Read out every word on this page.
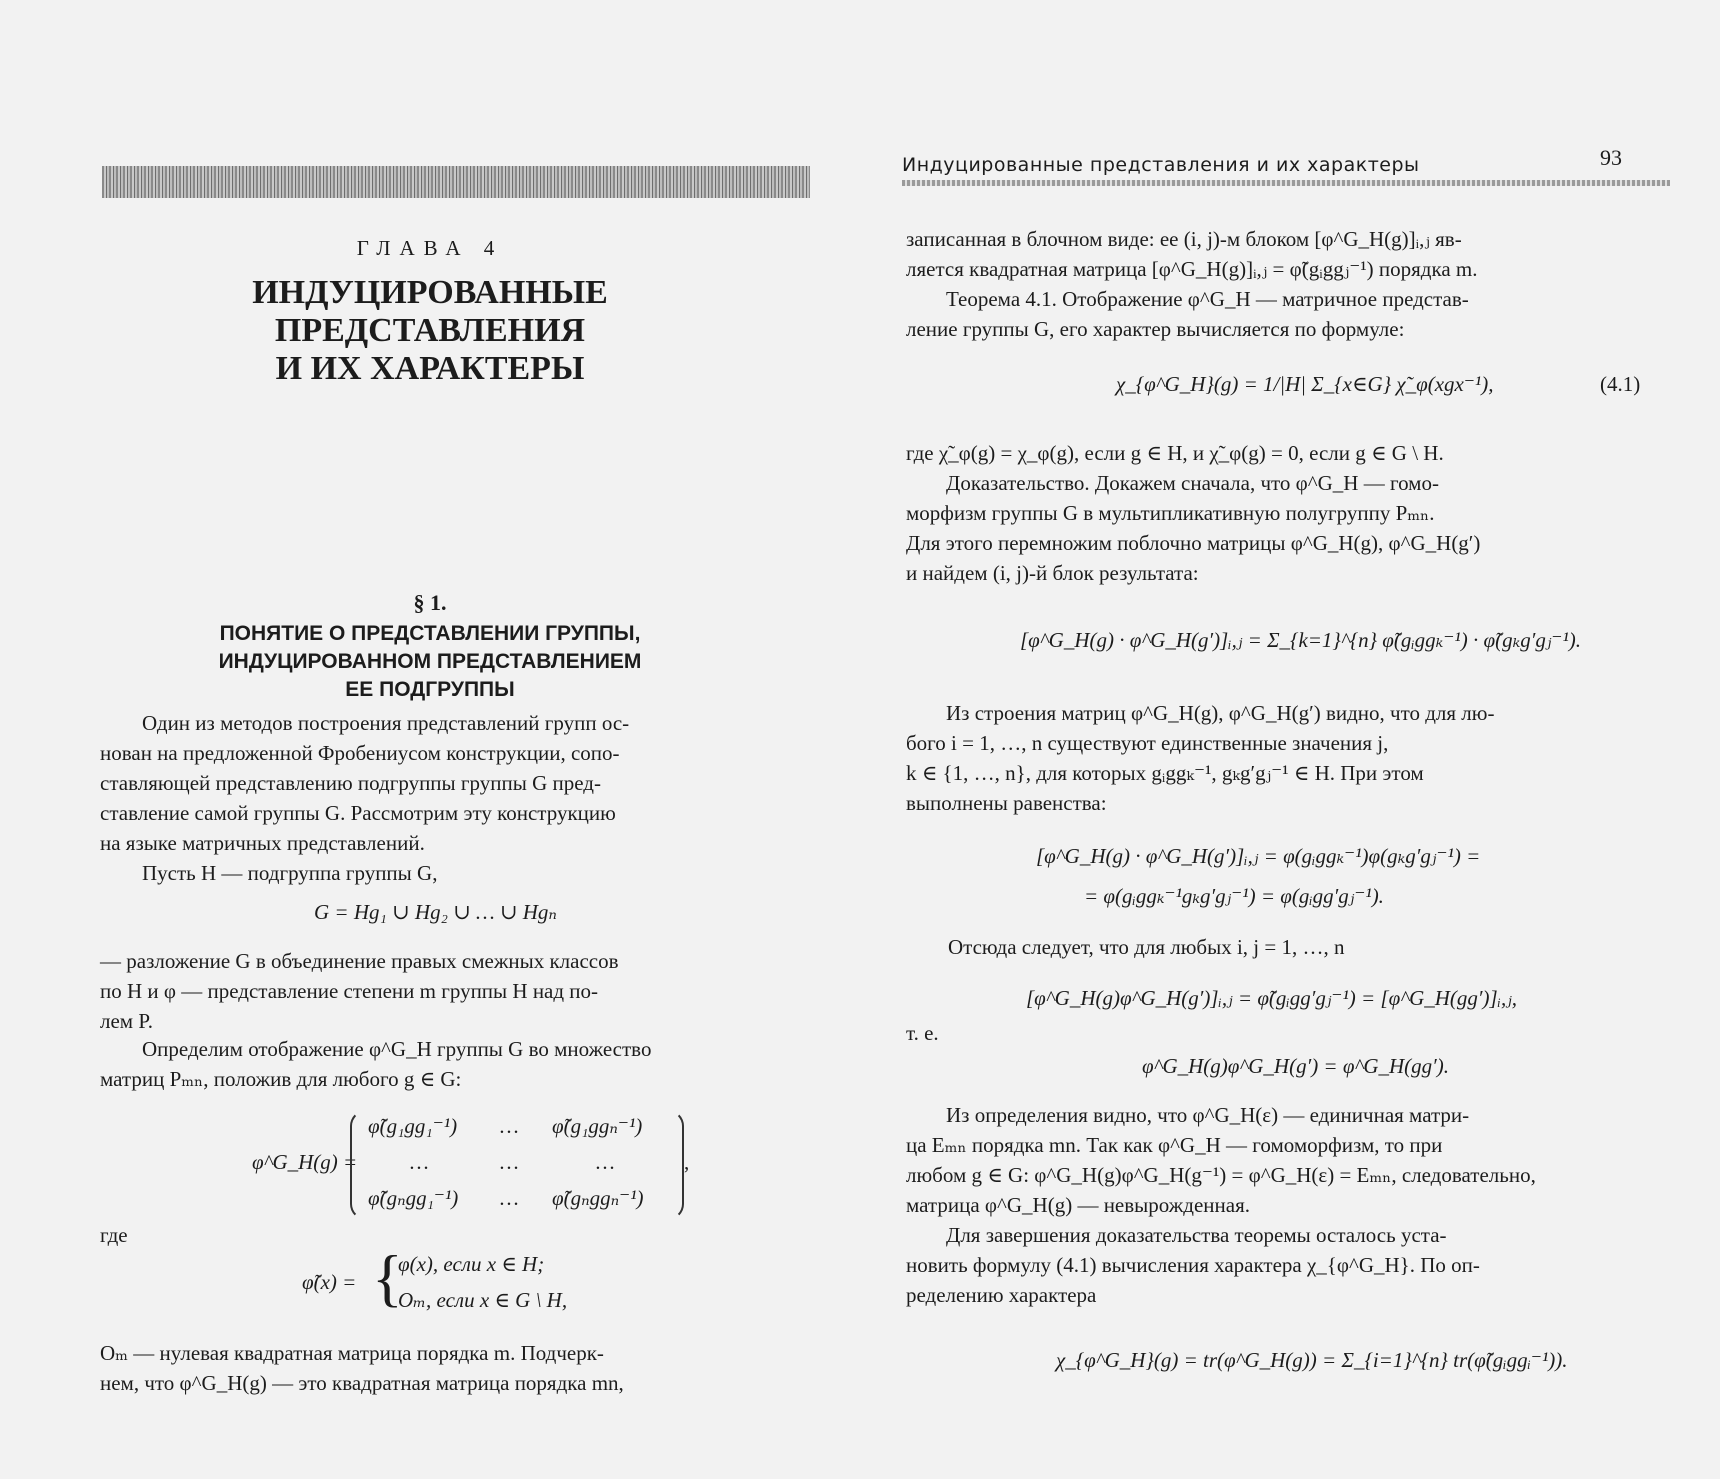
ГЛАВА 4
ИНДУЦИРОВАННЫЕ
ПРЕДСТАВЛЕНИЯ
И ИХ ХАРАКТЕРЫ
§ 1.
ПОНЯТИЕ О ПРЕДСТАВЛЕНИИ ГРУППЫ,
ИНДУЦИРОВАННОМ ПРЕДСТАВЛЕНИЕМ
ЕЕ ПОДГРУППЫ
Один из методов построения представлений групп ос-
нован на предложенной Фробениусом конструкции, сопо-
ставляющей представлению подгруппы группы G пред-
ставление самой группы G. Рассмотрим эту конструкцию
на языке матричных представлений.
Пусть H — подгруппа группы G,
G = Hg₁ ∪ Hg₂ ∪ … ∪ Hgₙ
— разложение G в объединение правых смежных классов
по H и φ — представление степени m группы H над по-
лем P.
Определим отображение φ^G_H группы G во множество
матриц Pₘₙ, положив для любого g ∈ G:
φ^G_H(g) =
φ̃(g₁gg₁⁻¹) … φ̃(g₁ggₙ⁻¹)
…	…	…
φ̃(gₙgg₁⁻¹) … φ̃(gₙggₙ⁻¹)
,
где
φ̃(x) = {
φ(x), если x ∈ H;
Oₘ, если x ∈ G \ H,
Oₘ — нулевая квадратная матрица порядка m. Подчерк-
нем, что φ^G_H(g) — это квадратная матрица порядка mn,
Индуцированные представления и их характеры	93
записанная в блочном виде: ее (i, j)-м блоком [φ^G_H(g)]ᵢ,ⱼ яв-
ляется квадратная матрица [φ^G_H(g)]ᵢ,ⱼ = φ̃(gᵢggⱼ⁻¹) порядка m.
Теорема 4.1. Отображение φ^G_H — матричное представ-
ление группы G, его характер вычисляется по формуле:
χ_{φ^G_H}(g) = 1/|H| Σ_{x∈G} χ̃_φ(xgx⁻¹),	(4.1)
где χ̃_φ(g) = χ_φ(g), если g ∈ H, и χ̃_φ(g) = 0, если g ∈ G \ H.
Доказательство. Докажем сначала, что φ^G_H — гомо-
морфизм группы G в мультипликативную полугруппу Pₘₙ.
Для этого перемножим поблочно матрицы φ^G_H(g), φ^G_H(g′)
и найдем (i, j)-й блок результата:
[φ^G_H(g) · φ^G_H(g′)]ᵢ,ⱼ = Σ_{k=1}^{n} φ̃(gᵢggₖ⁻¹) · φ̃(gₖg′gⱼ⁻¹).
Из строения матриц φ^G_H(g), φ^G_H(g′) видно, что для лю-
бого i = 1, …, n существуют единственные значения j,
k ∈ {1, …, n}, для которых gᵢggₖ⁻¹, gₖg′gⱼ⁻¹ ∈ H. При этом
выполнены равенства:
[φ^G_H(g) · φ^G_H(g′)]ᵢ,ⱼ = φ(gᵢggₖ⁻¹)φ(gₖg′gⱼ⁻¹) =
= φ(gᵢggₖ⁻¹gₖg′gⱼ⁻¹) = φ(gᵢgg′gⱼ⁻¹).
Отсюда следует, что для любых i, j = 1, …, n
[φ^G_H(g)φ^G_H(g′)]ᵢ,ⱼ = φ̃(gᵢgg′gⱼ⁻¹) = [φ^G_H(gg′)]ᵢ,ⱼ,
т. е.
φ^G_H(g)φ^G_H(g′) = φ^G_H(gg′).
Из определения видно, что φ^G_H(ε) — единичная матри-
ца Eₘₙ порядка mn. Так как φ^G_H — гомоморфизм, то при
любом g ∈ G: φ^G_H(g)φ^G_H(g⁻¹) = φ^G_H(ε) = Eₘₙ, следовательно,
матрица φ^G_H(g) — невырожденная.
Для завершения доказательства теоремы осталось уста-
новить формулу (4.1) вычисления характера χ_{φ^G_H}. По оп-
ределению характера
χ_{φ^G_H}(g) = tr(φ^G_H(g)) = Σ_{i=1}^{n} tr(φ̃(gᵢggᵢ⁻¹)).
